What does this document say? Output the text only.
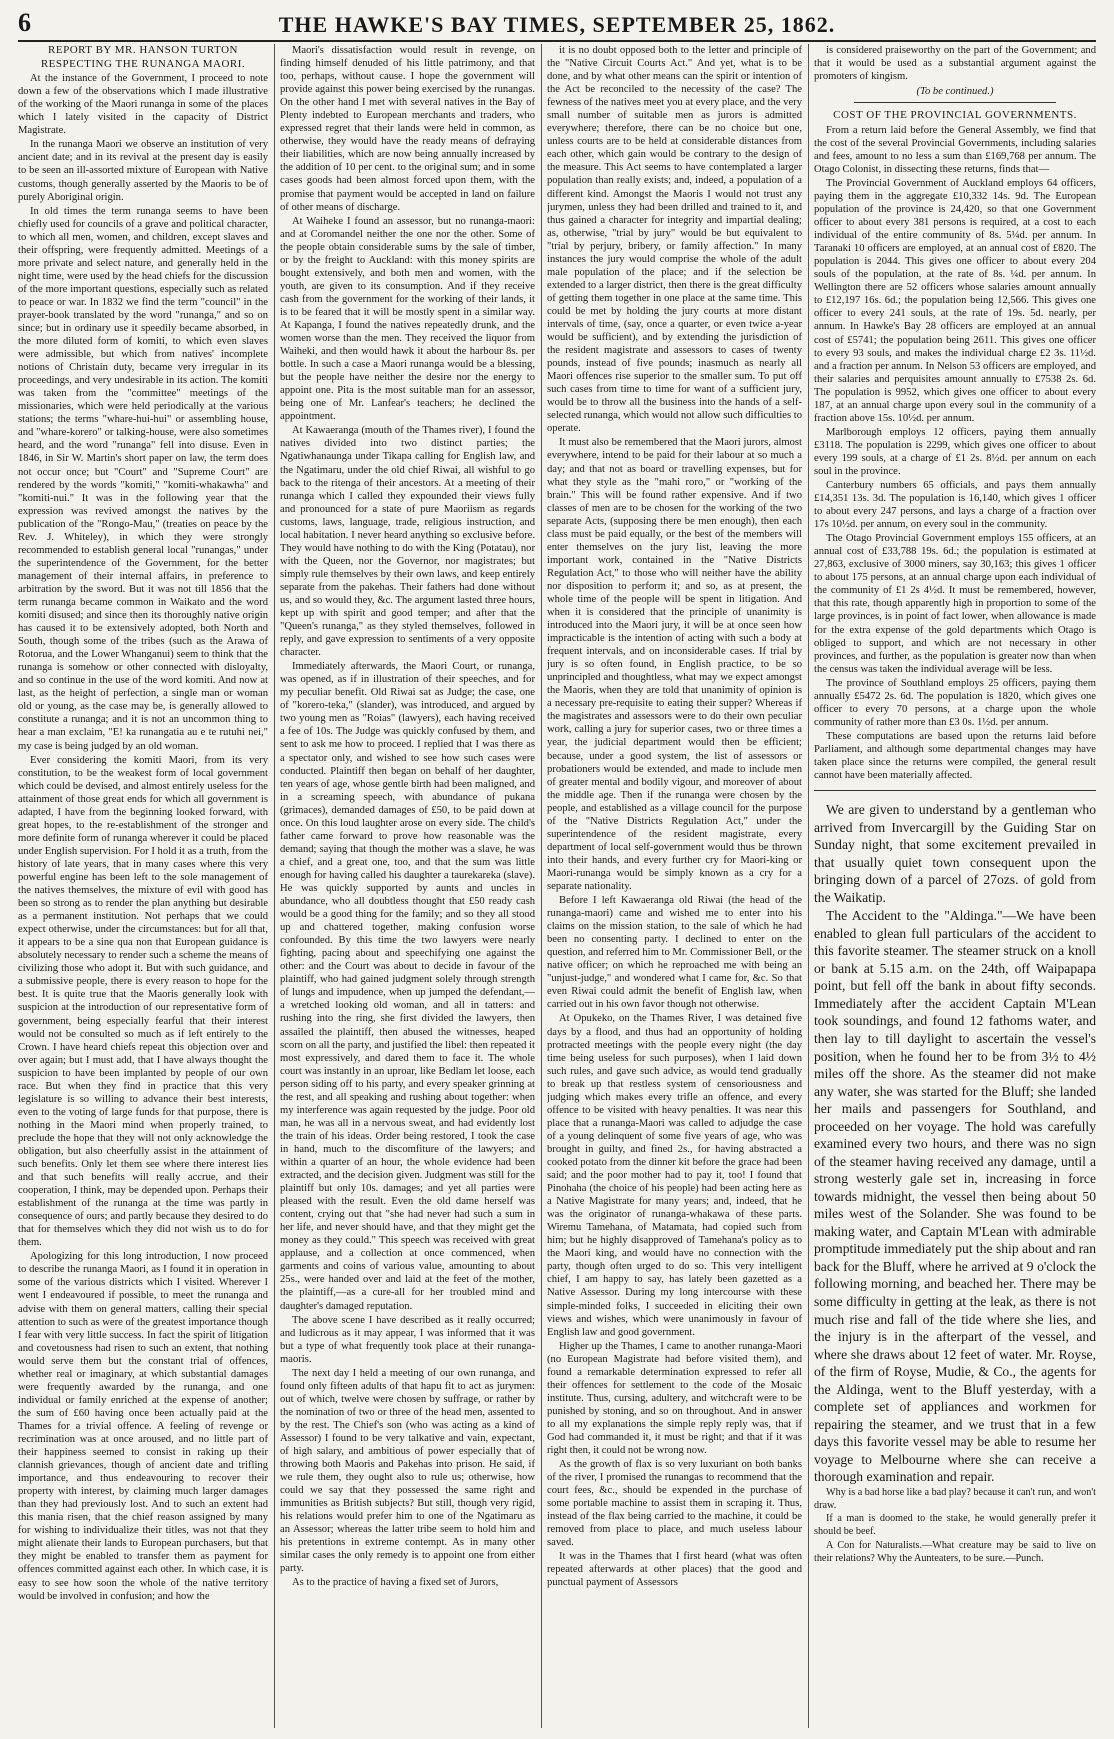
6	THE HAWKE'S BAY TIMES, SEPTEMBER 25, 1862.

REPORT BY MR. HANSON TURTON RESPECTING THE RUNANGA MAORI.

At the instance of the Government, I proceed to note down a few of the observations which I made illustrative of the working of the Maori runanga in some of the places which I lately visited in the capacity of District Magistrate.

In the runanga Maori we observe an institution of very ancient date; and in its revival at the present day is easily to be seen an ill-assorted mixture of European with Native customs, though generally asserted by the Maoris to be of purely Aboriginal origin.

In old times the term runanga seems to have been chiefly used for councils of a grave and political character, to which all men, women, and children, except slaves and their offspring, were frequently admitted. Meetings of a more private and select nature, and generally held in the night time, were used by the head chiefs for the discussion of the more important questions, especially such as related to peace or war. In 1832 we find the term "council" in the prayer-book translated by the word "runanga," and so on since; but in ordinary use it speedily became absorbed, in the more diluted form of komiti, to which even slaves were admissible, but which from natives' incomplete notions of Christain duty, became very irregular in its proceedings, and very undesirable in its action. The komiti was taken from the "committee" meetings of the missionaries, which were held periodically at the various stations; the terms "whare-hui-hui" or assembling house, and "whare-korero" or talking-house, were also sometimes heard, and the word "runanga" fell into disuse. Even in 1846, in Sir W. Martin's short paper on law, the term does not occur once; but "Court" and "Supreme Court" are rendered by the words "komiti," "komiti-whakawha" and "komiti-nui." It was in the following year that the expression was revived amongst the natives by the publication of the "Rongo-Mau," (treaties on peace by the Rev. J. Whiteley), in which they were strongly recommended to establish general local "runangas," under the superintendence of the Government, for the better management of their internal affairs, in preference to arbitration by the sword. But it was not till 1856 that the term runanga became common in Waikato and the word komiti disused; and since then its thoroughly native origin has caused it to be extensively adopted, both North and South, though some of the tribes (such as the Arawa of Rotorua, and the Lower Whanganui) seem to think that the runanga is somehow or other connected with disloyalty, and so continue in the use of the word komiti. And now at last, as the height of perfection, a single man or woman old or young, as the case may be, is generally allowed to constitute a runanga; and it is not an uncommon thing to hear a man exclaim, "E! ka runangatia au e te rutuhi nei," my case is being judged by an old woman.

Ever considering the komiti Maori, from its very constitution, to be the weakest form of local government which could be devised, and almost entirely useless for the attainment of those great ends for which all government is adapted, I have from the beginning looked forward, with great hopes, to the re-establishment of the stronger and more definite form of runanga wherever it could be placed under English supervision. For I hold it as a truth, from the history of late years, that in many cases where this very powerful engine has been left to the sole management of the natives themselves, the mixture of evil with good has been so strong as to render the plan anything but desirable as a permanent institution. Not perhaps that we could expect otherwise, under the circumstances: but for all that, it appears to be a sine qua non that European guidance is absolutely necessary to render such a scheme the means of civilizing those who adopt it. But with such guidance, and a submissive people, there is every reason to hope for the best. It is quite true that the Maoris generally look with suspicion at the introduction of our representative form of government, being especially fearful that their interest would not be consulted so much as if left entirely to the Crown. I have heard chiefs repeat this objection over and over again; but I must add, that I have always thought the suspicion to have been implanted by people of our own race. But when they find in practice that this very legislature is so willing to advance their best interests, even to the voting of large funds for that purpose, there is nothing in the Maori mind when properly trained, to preclude the hope that they will not only acknowledge the obligation, but also cheerfully assist in the attainment of such benefits. Only let them see where there interest lies and that such benefits will really accrue, and their cooperation, I think, may be depended upon. Perhaps their establishment of the runanga at the time was partly in consequence of ours; and partly because they desired to do that for themselves which they did not wish us to do for them.

Apologizing for this long introduction, I now proceed to describe the runanga Maori, as I found it in operation in some of the various districts which I visited. Wherever I went I endeavoured if possible, to meet the runanga and advise with them on general matters, calling their special attention to such as were of the greatest importance though I fear with very little success. In fact the spirit of litigation and covetousness had risen to such an extent, that nothing would serve them but the constant trial of offences, whether real or imaginary, at which substantial damages were frequently awarded by the runanga, and one individual or family enriched at the expense of another; the sum of £60 having once been actually paid at the Thames for a trivial offence. A feeling of revenge or recrimination was at once aroused, and no little part of their happiness seemed to consist in raking up their clannish grievances, though of ancient date and trifling importance, and thus endeavouring to recover their property with interest, by claiming much larger damages than they had previously lost. And to such an extent had this mania risen, that the chief reason assigned by many for wishing to individualize their titles, was not that they might alienate their lands to European purchasers, but that they might be enabled to transfer them as payment for offences committed against each other. In which case, it is easy to see how soon the whole of the native territory would be involved in confusion; and how the

Maori's dissatisfaction would result in revenge, on finding himself denuded of his little patrimony, and that too, perhaps, without cause. I hope the government will provide against this power being exercised by the runangas. On the other hand I met with several natives in the Bay of Plenty indebted to European merchants and traders, who expressed regret that their lands were held in common, as otherwise, they would have the ready means of defraying their liabilities, which are now being annually increased by the addition of 10 per cent. to the original sum; and in some cases goods had been almost forced upon them, with the promise that payment would be accepted in land on failure of other means of discharge.

At Waiheke I found an assessor, but no runanga-maori: and at Coromandel neither the one nor the other. Some of the people obtain considerable sums by the sale of timber, or by the freight to Auckland: with this money spirits are bought extensively, and both men and women, with the youth, are given to its consumption. And if they receive cash from the government for the working of their lands, it is to be feared that it will be mostly spent in a similar way. At Kapanga, I found the natives repeatedly drunk, and the women worse than the men. They received the liquor from Waiheki, and then would hawk it about the harbour 8s. per bottle. In such a case a Maori runanga would be a blessing, but the people have neither the desire nor the energy to appoint one. Pita is the most suitable man for an assessor, being one of Mr. Lanfear's teachers; he declined the appointment.

At Kawaeranga (mouth of the Thames river), I found the natives divided into two distinct parties; the Ngatiwhanaunga under Tikapa calling for English law, and the Ngatimaru, under the old chief Riwai, all wishful to go back to the ritenga of their ancestors. At a meeting of their runanga which I called they expounded their views fully and pronounced for a state of pure Maoriism as regards customs, laws, language, trade, religious instruction, and local habitation. I never heard anything so exclusive before. They would have nothing to do with the King (Potatau), nor with the Queen, nor the Governor, nor magistrates; but simply rule themselves by their own laws, and keep entirely separate from the pakehas. Their fathers had done without us, and so would they, &c. The argument lasted three hours, kept up with spirit and good temper; and after that the "Queen's runanga," as they styled themselves, followed in reply, and gave expression to sentiments of a very opposite character.

Immediately afterwards, the Maori Court, or runanga, was opened, as if in illustration of their speeches, and for my peculiar benefit. Old Riwai sat as Judge; the case, one of "korero-teka," (slander), was introduced, and argued by two young men as "Roias" (lawyers), each having received a fee of 10s. The Judge was quickly confused by them, and sent to ask me how to proceed. I replied that I was there as a spectator only, and wished to see how such cases were conducted. Plaintiff then began on behalf of her daughter, ten years of age, whose gentle birth had been maligned, and in a screaming speech, with abundance of pukana (grimaces), demanded damages of £50, to be paid down at once. On this loud laughter arose on every side. The child's father came forward to prove how reasonable was the demand; saying that though the mother was a slave, he was a chief, and a great one, too, and that the sum was little enough for having called his daughter a taurekareka (slave). He was quickly supported by aunts and uncles in abundance, who all doubtless thought that £50 ready cash would be a good thing for the family; and so they all stood up and chattered together, making confusion worse confounded. By this time the two lawyers were nearly fighting, pacing about and speechifying one against the other: and the Court was about to decide in favour of the plaintiff, who had gained judgment solely through strength of lungs and impudence, when up jumped the defendant,—a wretched looking old woman, and all in tatters: and rushing into the ring, she first divided the lawyers, then assailed the plaintiff, then abused the witnesses, heaped scorn on all the party, and justified the libel: then repeated it most expressively, and dared them to face it. The whole court was instantly in an uproar, like Bedlam let loose, each person siding off to his party, and every speaker grinning at the rest, and all speaking and rushing about together: when my interference was again requested by the judge. Poor old man, he was all in a nervous sweat, and had evidently lost the train of his ideas. Order being restored, I took the case in hand, much to the discomfiture of the lawyers; and within a quarter of an hour, the whole evidence had been extracted, and the decision given. Judgment was still for the plaintiff but only 10s. damages; and yet all parties were pleased with the result. Even the old dame herself was content, crying out that "she had never had such a sum in her life, and never should have, and that they might get the money as they could." This speech was received with great applause, and a collection at once commenced, when garments and coins of various value, amounting to about 25s., were handed over and laid at the feet of the mother, the plaintiff,—as a cure-all for her troubled mind and daughter's damaged reputation.

The above scene I have described as it really occurred; and ludicrous as it may appear, I was informed that it was but a type of what frequently took place at their runanga-maoris.

The next day I held a meeting of our own runanga, and found only fifteen adults of that hapu fit to act as jurymen: out of which, twelve were chosen by suffrage, or rather by the nomination of two or three of the head men, assented to by the rest. The Chief's son (who was acting as a kind of Assessor) I found to be very talkative and vain, expectant, of high salary, and ambitious of power especially that of throwing both Maoris and Pakehas into prison. He said, if we rule them, they ought also to rule us; otherwise, how could we say that they possessed the same right and immunities as British subjects? But still, though very rigid, his relations would prefer him to one of the Ngatimaru as an Assessor; whereas the latter tribe seem to hold him and his pretentions in extreme contempt. As in many other similar cases the only remedy is to appoint one from either party.

As to the practice of having a fixed set of Jurors,

it is no doubt opposed both to the letter and principle of the "Native Circuit Courts Act." And yet, what is to be done, and by what other means can the spirit or intention of the Act be reconciled to the necessity of the case? The fewness of the natives meet you at every place, and the very small number of suitable men as jurors is admitted everywhere; therefore, there can be no choice but one, unless courts are to be held at considerable distances from each other, which gain would be contrary to the design of the measure. This Act seems to have contemplated a larger population than really exists; and, indeed, a population of a different kind. Amongst the Maoris I would not trust any jurymen, unless they had been drilled and trained to it, and thus gained a character for integrity and impartial dealing; as, otherwise, "trial by jury" would be but equivalent to "trial by perjury, bribery, or family affection." In many instances the jury would comprise the whole of the adult male population of the place; and if the selection be extended to a larger district, then there is the great difficulty of getting them together in one place at the same time. This could be met by holding the jury courts at more distant intervals of time, (say, once a quarter, or even twice a-year would be sufficient), and by extending the jurisdiction of the resident magistrate and assessors to cases of twenty pounds, instead of five pounds; inasmuch as nearly all Maori offences rise superior to the smaller sum. To put off such cases from time to time for want of a sufficient jury, would be to throw all the business into the hands of a self-selected runanga, which would not allow such difficulties to operate.

It must also be remembered that the Maori jurors, almost everywhere, intend to be paid for their labour at so much a day; and that not as board or travelling expenses, but for what they style as the "mahi roro," or "working of the brain." This will be found rather expensive. And if two classes of men are to be chosen for the working of the two separate Acts, (supposing there be men enough), then each class must be paid equally, or the best of the members will enter themselves on the jury list, leaving the more important work, contained in the "Native Districts Regulation Act," to those who will neither have the ability nor disposition to perform it; and so, as at present, the whole time of the people will be spent in litigation. And when it is considered that the principle of unanimity is introduced into the Maori jury, it will be at once seen how impracticable is the intention of acting with such a body at frequent intervals, and on inconsiderable cases. If trial by jury is so often found, in English practice, to be so unprincipled and thoughtless, what may we expect amongst the Maoris, when they are told that unanimity of opinion is a necessary pre-requisite to eating their supper? Whereas if the magistrates and assessors were to do their own peculiar work, calling a jury for superior cases, two or three times a year, the judicial department would then be efficient; because, under a good system, the list of assessors or probationers would be extended, and made to include men of greater mental and bodily vigour, and moreover of about the middle age. Then if the runanga were chosen by the people, and established as a village council for the purpose of the "Native Districts Regulation Act," under the superintendence of the resident magistrate, every department of local self-government would thus be thrown into their hands, and every further cry for Maori-king or Maori-runanga would be simply known as a cry for a separate nationality.

Before I left Kawaeranga old Riwai (the head of the runanga-maori) came and wished me to enter into his claims on the mission station, to the sale of which he had been no consenting party. I declined to enter on the question, and referred him to Mr. Commissioner Bell, or the native officer; on which he reproached me with being an "unjust-judge," and wondered what I came for, &c. So that even Riwai could admit the benefit of English law, when carried out in his own favor though not otherwise.

At Opukeko, on the Thames River, I was detained five days by a flood, and thus had an opportunity of holding protracted meetings with the people every night (the day time being useless for such purposes), when I laid down such rules, and gave such advice, as would tend gradually to break up that restless system of censoriousness and judging which makes every trifle an offence, and every offence to be visited with heavy penalties. It was near this place that a runanga-Maori was called to adjudge the case of a young delinquent of some five years of age, who was brought in guilty, and fined 2s., for having abstracted a cooked potato from the dinner kit before the grace had been said; and the poor mother had to pay it, too! I found that Pinohaha (the choice of his people) had been acting here as a Native Magistrate for many years; and, indeed, that he was the originator of runanga-whakawa of these parts. Wiremu Tamehana, of Matamata, had copied such from him; but he highly disapproved of Tamehana's policy as to the Maori king, and would have no connection with the party, though often urged to do so. This very intelligent chief, I am happy to say, has lately been gazetted as a Native Assessor. During my long intercourse with these simple-minded folks, I succeeded in eliciting their own views and wishes, which were unanimously in favour of English law and good government.

Higher up the Thames, I came to another runanga-Maori (no European Magistrate had before visited them), and found a remarkable determination expressed to refer all their offences for settlement to the code of the Mosaic institute. Thus, cursing, adultery, and witchcraft were to be punished by stoning, and so on throughout. And in answer to all my explanations the simple reply reply was, that if God had commanded it, it must be right; and that if it was right then, it could not be wrong now.

As the growth of flax is so very luxuriant on both banks of the river, I promised the runangas to recommend that the court fees, &c., should be expended in the purchase of some portable machine to assist them in scraping it. Thus, instead of the flax being carried to the machine, it could be removed from place to place, and much useless labour saved.

It was in the Thames that I first heard (what was often repeated afterwards at other places) that the good and punctual payment of Assessors

is considered praiseworthy on the part of the Government; and that it would be used as a substantial argument against the promoters of kingism.

(To be continued.)

COST OF THE PROVINCIAL GOVERNMENTS.

From a return laid before the General Assembly, we find that the cost of the several Provincial Governments, including salaries and fees, amount to no less a sum than £169,768 per annum. The Otago Colonist, in dissecting these returns, finds that—

The Provincial Government of Auckland employs 64 officers, paying them in the aggregate £10,332 14s. 9d. The European population of the province is 24,420, so that one Government officer to about every 381 persons is required, at a cost to each individual of the entire community of 8s. 5¼d. per annum. In Taranaki 10 officers are employed, at an annual cost of £820. The population is 2044. This gives one officer to about every 204 souls of the population, at the rate of 8s. ¼d. per annum. In Wellington there are 52 officers whose salaries amount annually to £12,197 16s. 6d.; the population being 12,566. This gives one officer to every 241 souls, at the rate of 19s. 5d. nearly, per annum. In Hawke's Bay 28 officers are employed at an annual cost of £5741; the population being 2611. This gives one officer to every 93 souls, and makes the individual charge £2 3s. 11½d. and a fraction per annum. In Nelson 53 officers are employed, and their salaries and perquisites amount annually to £7538 2s. 6d. The population is 9952, which gives one officer to about every 187, at an annual charge upon every soul in the community of a fraction above 15s. 10½d. per annum.

Marlborough employs 12 officers, paying them annually £3118. The population is 2299, which gives one officer to about every 199 souls, at a charge of £1 2s. 8½d. per annum on each soul in the province.

Canterbury numbers 65 officials, and pays them annually £14,351 13s. 3d. The population is 16,140, which gives 1 officer to about every 247 persons, and lays a charge of a fraction over 17s 10½d. per annum, on every soul in the community.

The Otago Provincial Government employs 155 officers, at an annual cost of £33,788 19s. 6d.; the population is estimated at 27,863, exclusive of 3000 miners, say 30,163; this gives 1 officer to about 175 persons, at an annual charge upon each individual of the community of £1 2s 4½d. It must be remembered, however, that this rate, though apparently high in proportion to some of the large provinces, is in point of fact lower, when allowance is made for the extra expense of the gold departments which Otago is obliged to support, and which are not necessary in other provinces, and further, as the population is greater now than when the census was taken the individual average will be less.

The province of Southland employs 25 officers, paying them annually £5472 2s. 6d. The population is 1820, which gives one officer to every 70 persons, at a charge upon the whole community of rather more than £3 0s. 1½d. per annum.

These computations are based upon the returns laid before Parliament, and although some departmental changes may have taken place since the returns were compiled, the general result cannot have been materially affected.

We are given to understand by a gentleman who arrived from Invercargill by the Guiding Star on Sunday night, that some excitement prevailed in that usually quiet town consequent upon the bringing down of a parcel of 27ozs. of gold from the Waikatip.

The Accident to the "Aldinga."—We have been enabled to glean full particulars of the accident to this favorite steamer. The steamer struck on a knoll or bank at 5.15 a.m. on the 24th, off Waipapapa point, but fell off the bank in about fifty seconds. Immediately after the accident Captain M'Lean took soundings, and found 12 fathoms water, and then lay to till daylight to ascertain the vessel's position, when he found her to be from 3½ to 4½ miles off the shore. As the steamer did not make any water, she was started for the Bluff; she landed her mails and passengers for Southland, and proceeded on her voyage. The hold was carefully examined every two hours, and there was no sign of the steamer having received any damage, until a strong westerly gale set in, increasing in force towards midnight, the vessel then being about 50 miles west of the Solander. She was found to be making water, and Captain M'Lean with admirable promptitude immediately put the ship about and ran back for the Bluff, where he arrived at 9 o'clock the following morning, and beached her. There may be some difficulty in getting at the leak, as there is not much rise and fall of the tide where she lies, and the injury is in the afterpart of the vessel, and where she draws about 12 feet of water. Mr. Royse, of the firm of Royse, Mudie, & Co., the agents for the Aldinga, went to the Bluff yesterday, with a complete set of appliances and workmen for repairing the steamer, and we trust that in a few days this favorite vessel may be able to resume her voyage to Melbourne where she can receive a thorough examination and repair.

Why is a bad horse like a bad play? because it can't run, and won't draw.

If a man is doomed to the stake, he would generally prefer it should be beef.

A Con for Naturalists.—What creature may be said to live on their relations? Why the Aunteaters, to be sure.—Punch.
